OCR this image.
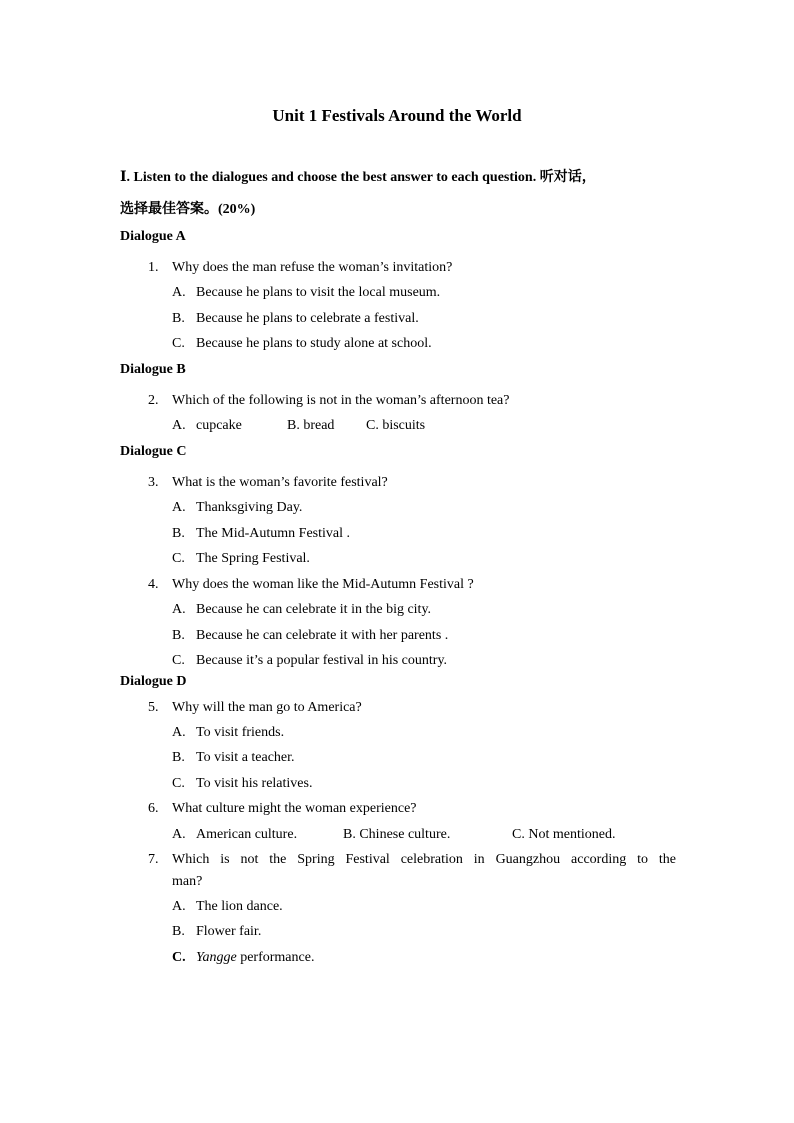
Unit 1 Festivals Around the World
Ⅰ. Listen to the dialogues and choose the best answer to each question. 听对话，
选择最佳答案。(20%)
Dialogue A
1. Why does the man refuse the woman’s invitation?
A. Because he plans to visit the local museum.
B. Because he plans to celebrate a festival.
C. Because he plans to study alone at school.
Dialogue B
2. Which of the following is not in the woman’s afternoon tea?
A. cupcake	B. bread C. biscuits
Dialogue C
3. What is the woman’s favorite festival?
A. Thanksgiving Day.
B. The Mid-Autumn Festival .
C. The Spring Festival.
4. Why does the woman like the Mid-Autumn Festival ?
A. Because he can celebrate it in the big city.
B. Because he can celebrate it with her parents .
C. Because it’s a popular festival in his country.
Dialogue D
5. Why will the man go to America?
A. To visit friends.
B. To visit a teacher.
C. To visit his relatives.
6. What culture might the woman experience?
A. American culture.	B. Chinese culture.	C. Not mentioned.
7. Which is not the Spring Festival celebration in Guangzhou according to the
man?
A. The lion dance.
B. Flower fair.
C. Yangge performance.
